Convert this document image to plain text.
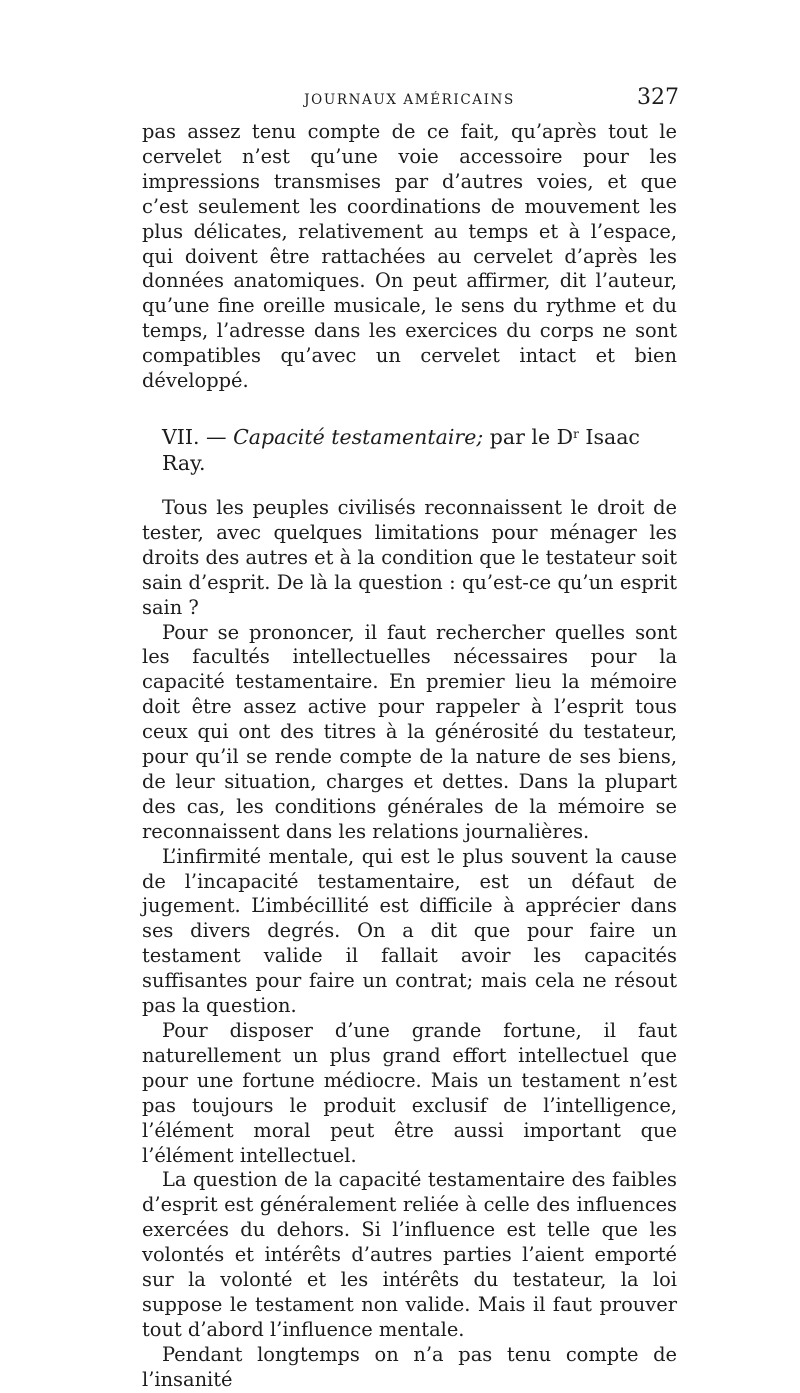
JOURNAUX AMÉRICAINS	327

pas assez tenu compte de ce fait, qu’après tout le cervelet n’est qu’une voie accessoire pour les impressions transmises par d’autres voies, et que c’est seulement les coordinations de mouvement les plus délicates, relativement au temps et à l’espace, qui doivent être rattachées au cervelet d’après les données anatomiques. On peut affirmer, dit l’auteur, qu’une fine oreille musicale, le sens du rythme et du temps, l’adresse dans les exercices du corps ne sont compatibles qu’avec un cervelet intact et bien développé.

VII. — Capacité testamentaire; par le $D^r$ Isaac Ray.

Tous les peuples civilisés reconnaissent le droit de tester, avec quelques limitations pour ménager les droits des autres et à la condition que le testateur soit sain d’esprit. De là la question : qu’est-ce qu’un esprit sain ?

Pour se prononcer, il faut rechercher quelles sont les facultés intellectuelles nécessaires pour la capacité testamentaire. En premier lieu la mémoire doit être assez active pour rappeler à l’esprit tous ceux qui ont des titres à la générosité du testateur, pour qu’il se rende compte de la nature de ses biens, de leur situation, charges et dettes. Dans la plupart des cas, les conditions générales de la mémoire se reconnaissent dans les relations journalières.

L’infirmité mentale, qui est le plus souvent la cause de l’incapacité testamentaire, est un défaut de jugement. L’imbécillité est difficile à apprécier dans ses divers degrés. On a dit que pour faire un testament valide il fallait avoir les capacités suffisantes pour faire un contrat; mais cela ne résout pas la question.

Pour disposer d’une grande fortune, il faut naturellement un plus grand effort intellectuel que pour une fortune médiocre. Mais un testament n’est pas toujours le produit exclusif de l’intelligence, l’élément moral peut être aussi important que l’élément intellectuel.

La question de la capacité testamentaire des faibles d’esprit est généralement reliée à celle des influences exercées du dehors. Si l’influence est telle que les volontés et intérêts d’autres parties l’aient emporté sur la volonté et les intérêts du testateur, la loi suppose le testament non valide. Mais il faut prouver tout d’abord l’influence mentale.

Pendant longtemps on n’a pas tenu compte de l’insanité
